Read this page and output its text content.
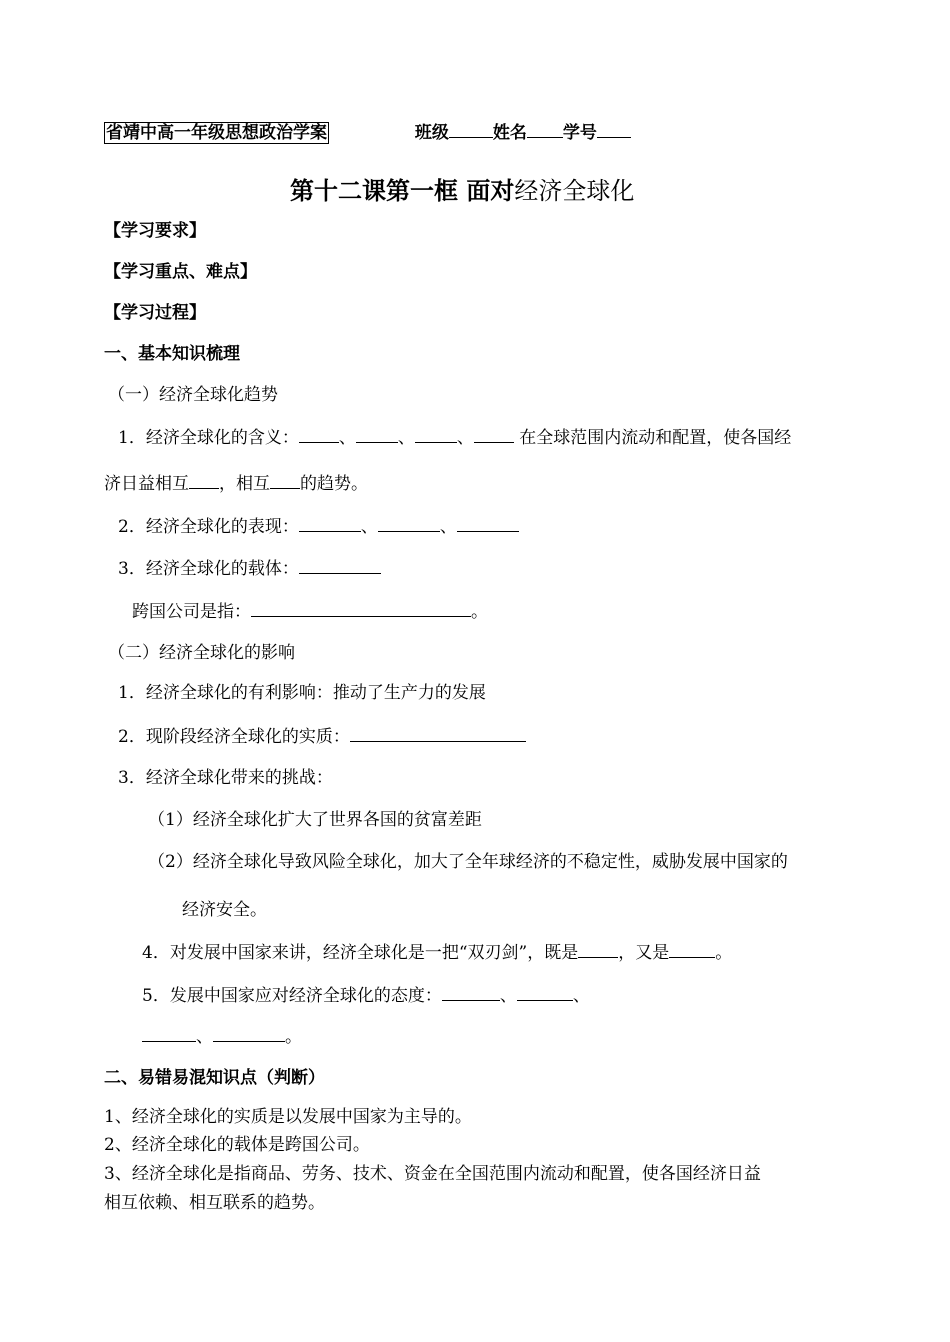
省靖中高一年级思想政治学案	班级	姓名 学号
第十二课第一框 面对经济全球化
【学习要求】
【学习重点、难点】
【学习过程】
一、基本知识梳理
（一）经济全球化趋势
1．经济全球化的含义： 、 、 、 在全球范围内流动和配置，使各国经
济日益相互 ，相互 的趋势。
2．经济全球化的表现：	、	、
3．经济全球化的载体：
跨国公司是指：	。
（二）经济全球化的影响
1．经济全球化的有利影响：推动了生产力的发展
2．现阶段经济全球化的实质：
3．经济全球化带来的挑战：
（1）经济全球化扩大了世界各国的贫富差距
（2）经济全球化导致风险全球化，加大了全年球经济的不稳定性，威胁发展中国家的
经济安全。
4．对发展中国家来讲，经济全球化是一把“双刃剑”，既是 ，又是	。
5．发展中国家应对经济全球化的态度：	、	、
、	。
二、易错易混知识点（判断）
1、经济全球化的实质是以发展中国家为主导的。
2、经济全球化的载体是跨国公司。
3、经济全球化是指商品、劳务、技术、资金在全国范围内流动和配置，使各国经济日益
相互依赖、相互联系的趋势。
